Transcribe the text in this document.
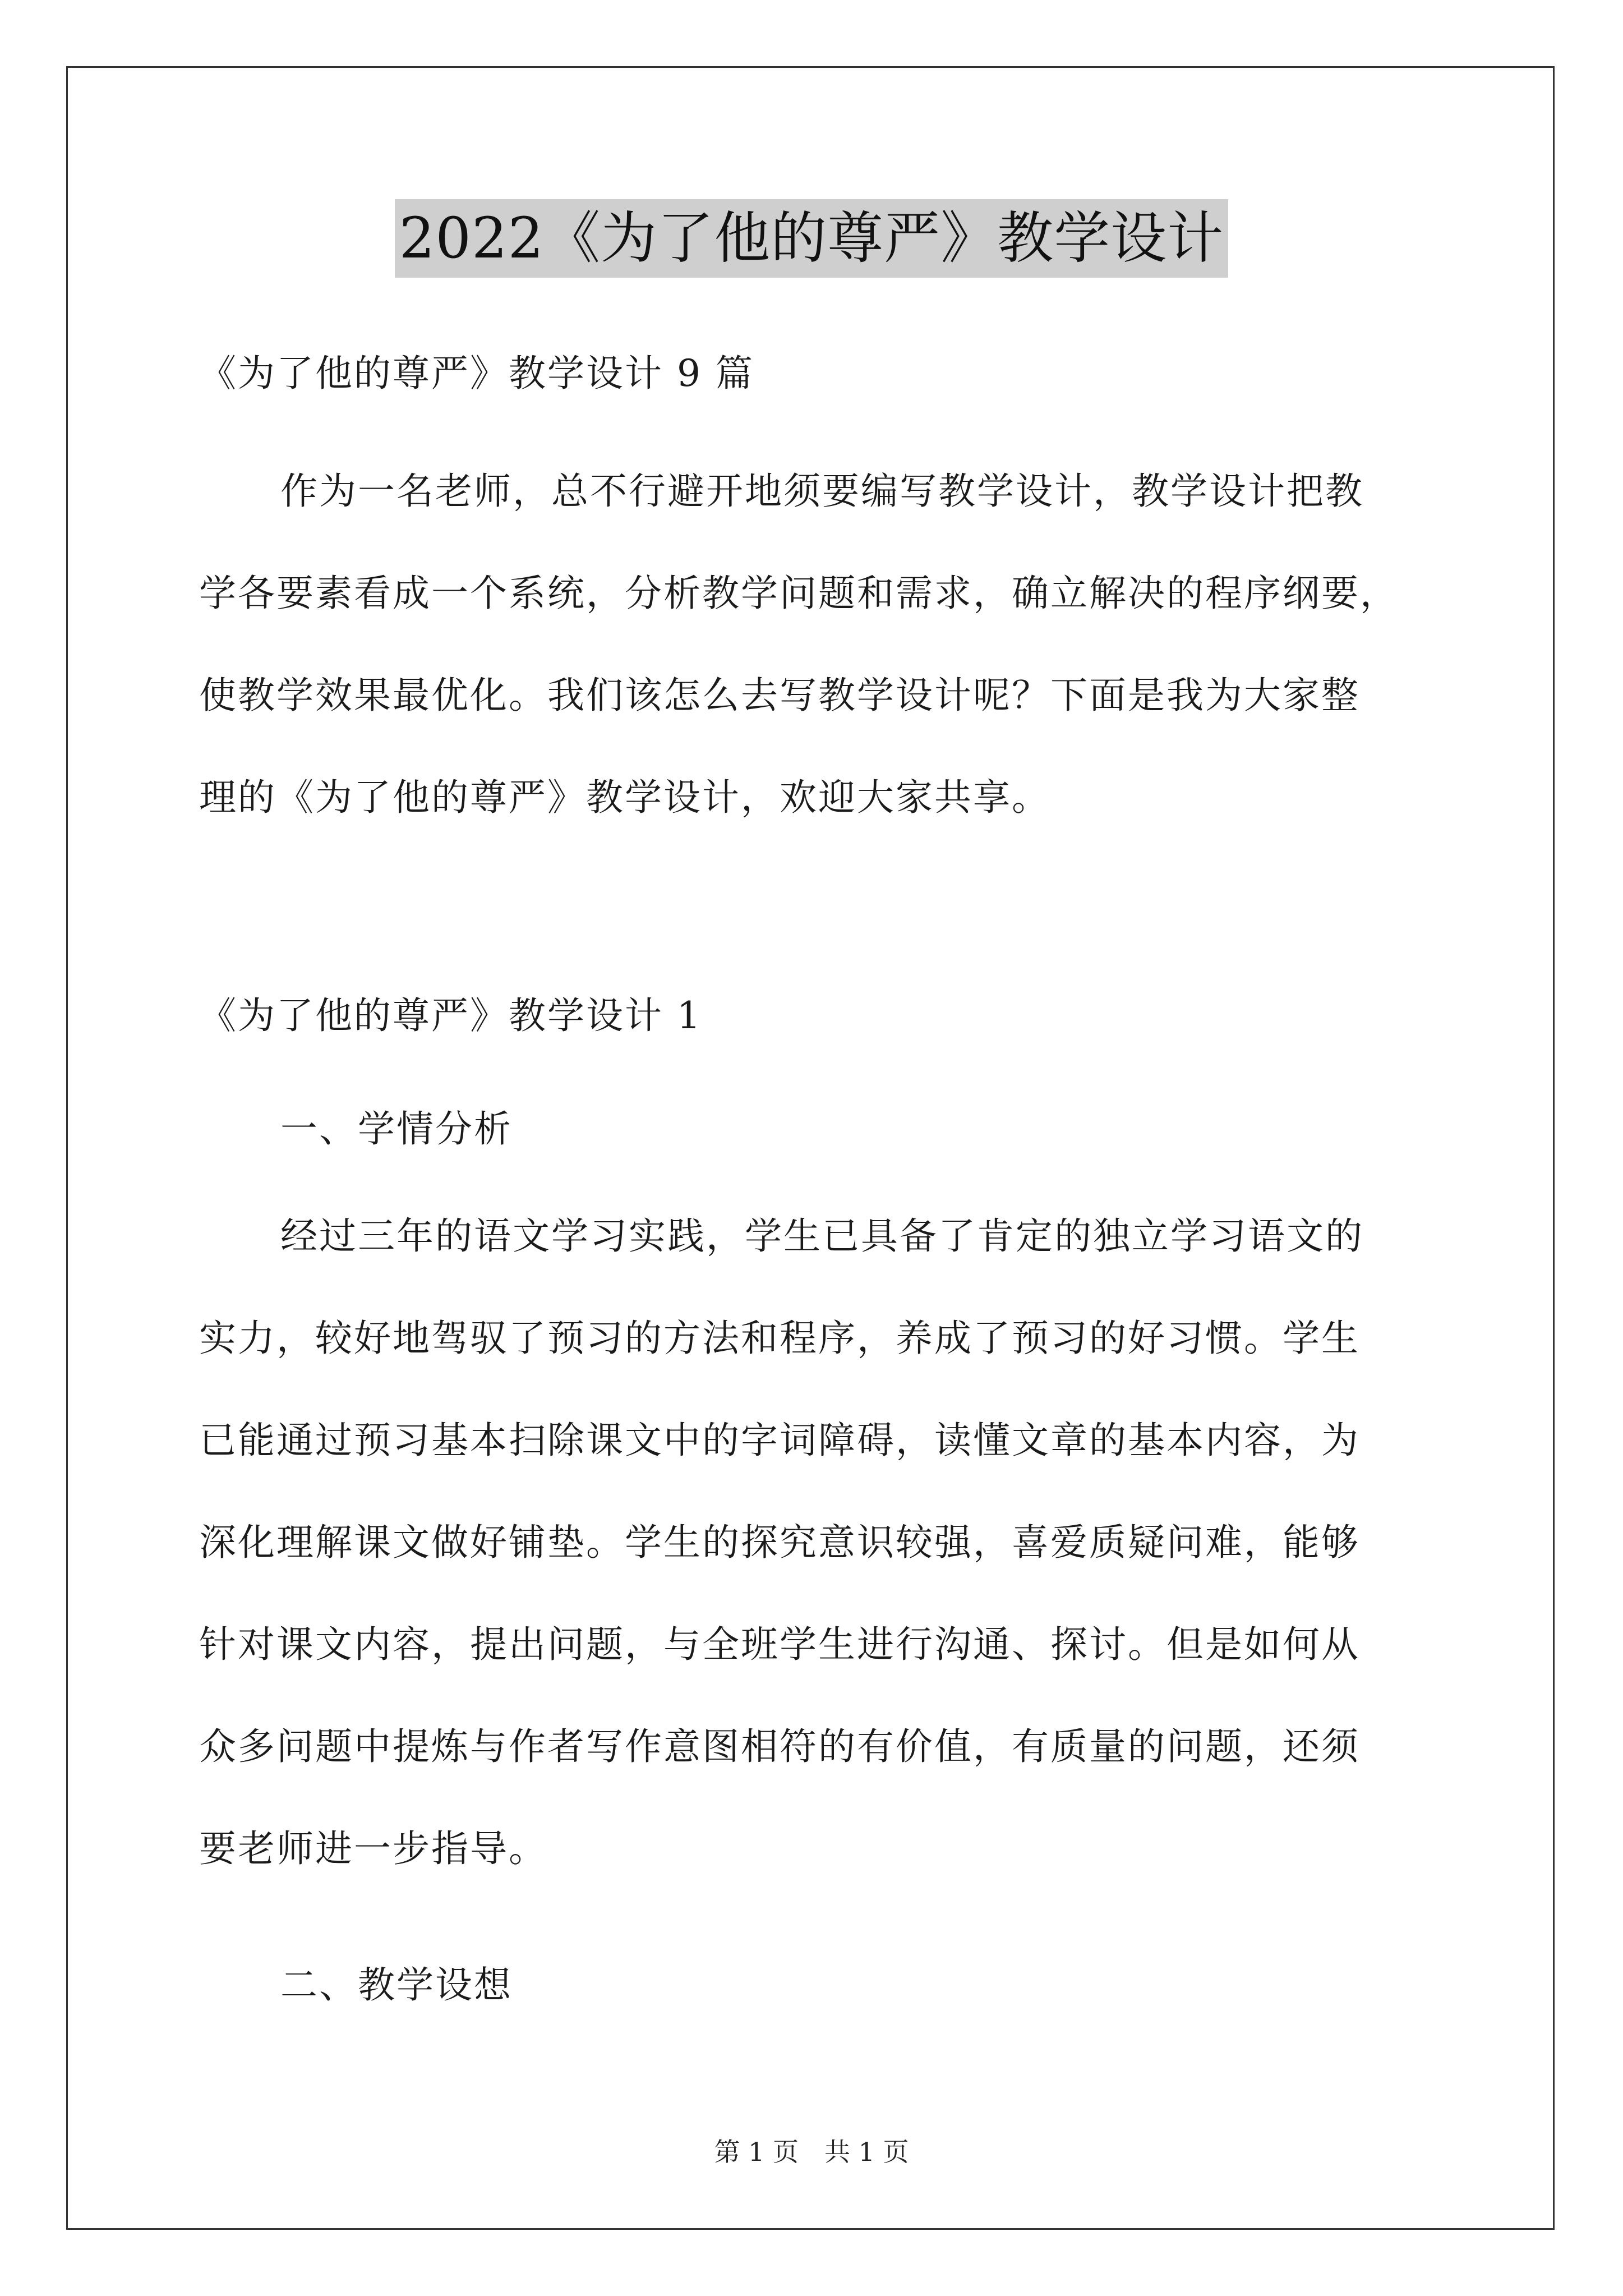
2022《为了他的尊严》教学设计

《为了他的尊严》教学设计 9 篇

作为一名老师，总不行避开地须要编写教学设计，教学设计把教
学各要素看成一个系统，分析教学问题和需求，确立解决的程序纲要，
使教学效果最优化。我们该怎么去写教学设计呢？下面是我为大家整
理的《为了他的尊严》教学设计，欢迎大家共享。

《为了他的尊严》教学设计 1

一、学情分析

经过三年的语文学习实践，学生已具备了肯定的独立学习语文的
实力，较好地驾驭了预习的方法和程序，养成了预习的好习惯。学生
已能通过预习基本扫除课文中的字词障碍，读懂文章的基本内容，为
深化理解课文做好铺垫。学生的探究意识较强，喜爱质疑问难，能够
针对课文内容，提出问题，与全班学生进行沟通、探讨。但是如何从
众多问题中提炼与作者写作意图相符的有价值，有质量的问题，还须
要老师进一步指导。

二、教学设想

第 1 页　共 1 页
